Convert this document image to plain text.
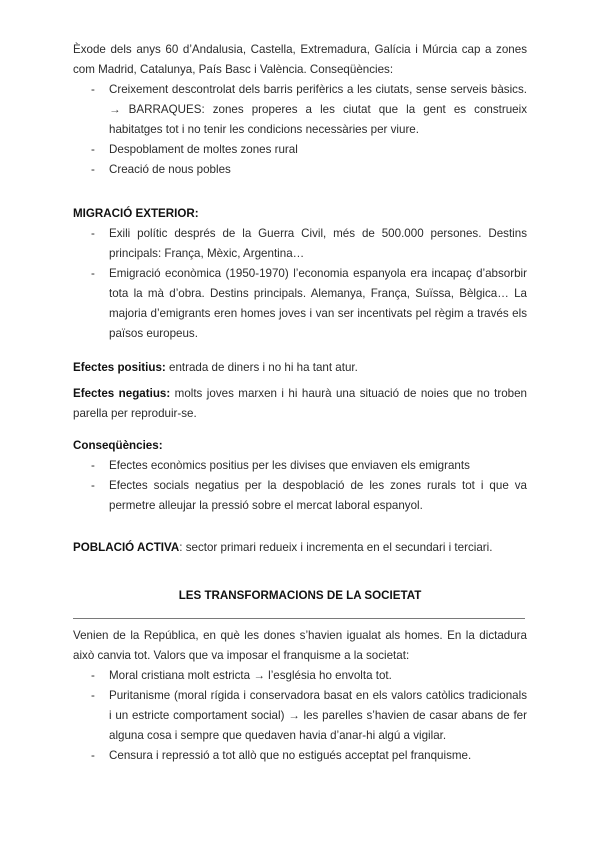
Èxode dels anys 60 d’Andalusia, Castella, Extremadura, Galícia i Múrcia cap a zones com Madrid, Catalunya, País Basc i València. Conseqüències:

- Creixement descontrolat dels barris perifèrics a les ciutats, sense serveis bàsics. → BARRAQUES: zones properes a les ciutat que la gent es construeix habitatges tot i no tenir les condicions necessàries per viure.
- Despoblament de moltes zones rural
- Creació de nous pobles
MIGRACIÓ EXTERIOR:
- Exili polític després de la Guerra Civil, més de 500.000 persones. Destins principals: França, Mèxic, Argentina…
- Emigració econòmica (1950-1970) l’economia espanyola era incapaç d’absorbir tota la mà d’obra. Destins principals. Alemanya, França, Suïssa, Bèlgica… La majoria d’emigrants eren homes joves i van ser incentivats pel règim a través els països europeus.

Efectes positius: entrada de diners i no hi ha tant atur.

Efectes negatius: molts joves marxen i hi haurà una situació de noies que no troben parella per reproduir-se.

Conseqüències:
- Efectes econòmics positius per les divises que enviaven els emigrants
- Efectes socials negatius per la despoblació de les zones rurals tot i que va permetre alleujar la pressió sobre el mercat laboral espanyol.

POBLACIÓ ACTIVA: sector primari redueix i incrementa en el secundari i terciari.

LES TRANSFORMACIONS DE LA SOCIETAT

Venien de la República, en què les dones s’havien igualat als homes. En la dictadura això canvia tot. Valors que va imposar el franquisme a la societat:

- Moral cristiana molt estricta → l’església ho envolta tot.
- Puritanisme (moral rígida i conservadora basat en els valors catòlics tradicionals i un estricte comportament social) → les parelles s’havien de casar abans de fer alguna cosa i sempre que quedaven havia d’anar-hi algú a vigilar.
- Censura i repressió a tot allò que no estigués acceptat pel franquisme.
